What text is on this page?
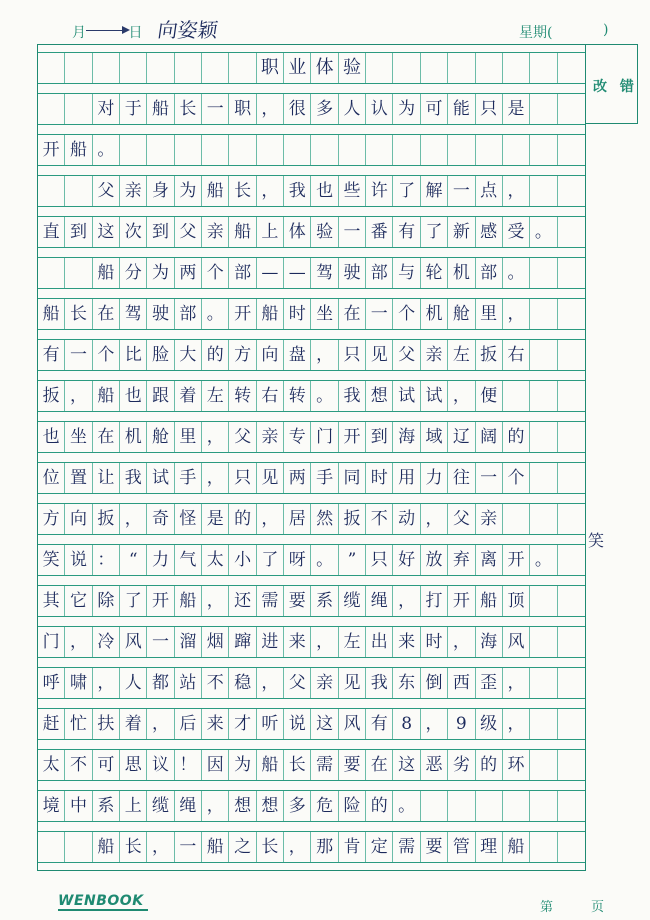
月	日 向姿颖	星期(	)
职 业 体 验
对 于 船 长 一 职 ， 很 多 人 认 为 可 能 只 是
开 船 。
父 亲 身 为 船 长 ， 我 也 些 许 了 解 一 点 ，
直 到 这 次 到 父 亲 船 上 体 验 一 番 有 了 新 感 受 。
船 分 为 两 个 部 — — 驾 驶 部 与 轮 机 部 。
船 长 在 驾 驶 部 。 开 船 时 坐 在 一 个 机 舱 里 ，
有 一 个 比 脸 大 的 方 向 盘 ， 只 见 父 亲 左 扳 右
扳 ， 船 也 跟 着 左 转 右 转 。 我 想 试 试 ， 便
也 坐 在 机 舱 里 ， 父 亲 专 门 开 到 海 域 辽 阔 的
位 置 让 我 试 手 ， 只 见 两 手 同 时 用 力 往 一 个
方 向 扳 ， 奇 怪 是 的 ， 居 然 扳 不 动 ， 父 亲
笑 说 ： “ 力 气 太 小 了 呀 。 ” 只 好 放 弃 离 开 。
其 它 除 了 开 船 ， 还 需 要 系 缆 绳 ， 打 开 船 顶
门 ， 冷 风 一 溜 烟 蹿 进 来 ， 左 出 来 时 ， 海 风
呼 啸 ， 人 都 站 不 稳 ， 父 亲 见 我 东 倒 西 歪 ，
赶 忙 扶 着 ， 后 来 才 听 说 这 风 有 8 ， 9 级 ，
太 不 可 思 议 ！ 因 为 船 长 需 要 在 这 恶 劣 的 环
境 中 系 上 缆 绳 ， 想 想 多 危 险 的 。
船 长 ， 一 船 之 长 ， 那 肯 定 需 要 管 理 船
改 错
笑
WENBOOK	第	页
